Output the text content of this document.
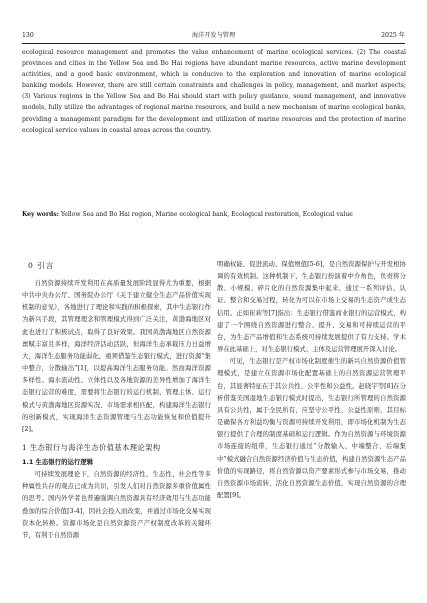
130	海洋开发与管理	2025 年

ecological resource management and promotes the value enhancement of marine ecological services. (2) The coastal provinces and cities in the Yellow Sea and Bo Hai regions have abundant marine resources, active marine development activities, and a good basic environment, which is conducive to the exploration and innovation of marine ecological banking models. However, there are still certain constraints and challenges in policy, management, and market aspects; (3) Various regions in the Yellow Sea and Bo Hai should start with policy guidance, sound management, and innovative models, fully utilize the advantages of regional marine resources, and build a new mechanism of marine ecological banks, providing a management paradigm for the development and utilization of marine resources and the protection of marine ecological service values in coastal areas across the country.

Key words: Yellow Sea and Bo Hai region, Marine ecological bank, Ecological restoration, Ecological value
0 引言

自然资源持续开发利用在高质量发展阶段显得尤为重要，根据中共中央办公厅、国务院办公厅《关于建立健全生态产品价值实现机制的意见》，各地进行了理论和实践的积极探索，其中生态银行作为新兴手段，其管理理念和管理模式得到广泛关注，黄渤海地区对此也进行了积极试点，取得了良好效果。我国黄渤海地区自然资源禀赋丰富且多样，海洋经济活动活跃，但海洋生态承载压力日益增大，海洋生态服务功能弱化，亟须借鉴生态银行模式，进行资源“集中整合，分散输出”[1]，以提高海洋生态服务功能。然而海洋资源多样性、海水流动性、立体性以及各地资源的差异性增加了海洋生态银行运营的难度，需要将生态银行的运行机制、管理主体、运行模式与黄渤海地区资源实况、市场需求相匹配，构建海洋生态银行的创新模式，实现海洋生态资源管理与生态功能恢复和价值提升[2]。

1 生态银行与海洋生态价值基本理论架构
1.1 生态银行的运行逻辑

可持续发展理论下，自然资源的经济性、生态性、社会性等多种属性共存的观点已成为共识，引发人们对自然资源多重价值属性的思考。国内外学者也普遍强调自然资源具有经济效用与生态功能叠加的综合价值[3-4]，因社会投入而改变，并通过市场化交易实现资本化转换。资源市场化是自然资源资产产权制度改革的关键环节，有利于自然资源

明确权能、促进流动、保值增值[5-6]，是自然资源保护与开发相协调的有效机制。这种机制下，生态银行扮演着中介角色，负责将分散、小规模、碎片化的自然资源集中起来，通过一系列评估、认证、整合和交易过程，转化为可以在市场上交易的生态资产或生态信用。正如崔莉等[7]指出：生态银行借鉴商业银行的运营模式，构建了一个围绕自然资源进行整合、提升、交易和可持续运营的平台，为生态产品增值和生态系统可持续发展提供了有力支持。学术界在此基础上，对生态银行模式、主体及运营管理展开深入讨论。

可见，生态银行是产权市场化制度催生的新兴自然资源价值管理模式，是建立在资源市场化配置基础上的自然资源运营管理平台，其显著特征在于其公共性、公平性和公益性。赵晓宇等[8]在分析借鉴美国湿地生态银行模式时提出，生态银行所管理的自然资源具有公共性，属于全民所有，应坚守公平性、公益性原则，其目标是确保各方利益均衡与资源可持续开发利用，即市场化机制为生态银行提供了合理的制度基础和运行逻辑。作为自然资源与环境资源市场连接的纽带，生态银行通过“分散输入、中端整合、后端集中”模式融合自然资源经济价值与生态价值，构建自然资源生态产品价值的实现路径，将自然资源以资产要素形式参与市场交易，推动自然资源市场流转，活化自然资源生态价值，实现自然资源的合理配置[9]。
